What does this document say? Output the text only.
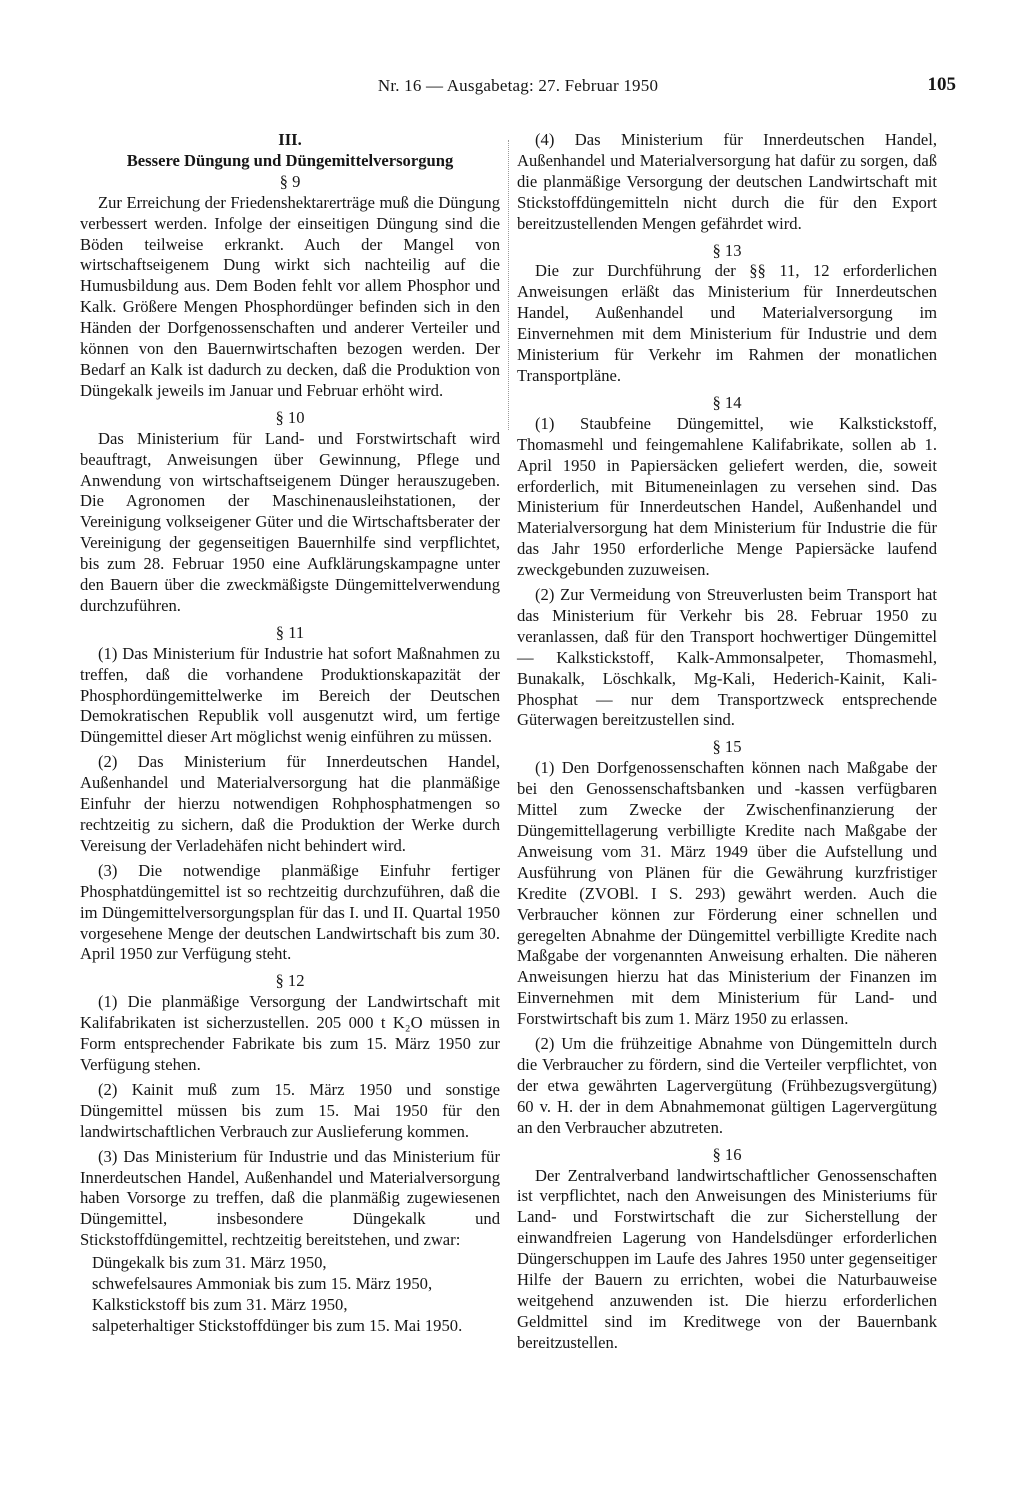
Nr. 16 — Ausgabetag: 27. Februar 1950	105
III.
Bessere Düngung und Düngemittelversorgung
§ 9

Zur Erreichung der Friedenshektarerträge muß die Düngung verbessert werden. Infolge der einseitigen Düngung sind die Böden teilweise erkrankt. Auch der Mangel von wirtschaftseigenem Dung wirkt sich nachteilig auf die Humusbildung aus. Dem Boden fehlt vor allem Phosphor und Kalk. Größere Mengen Phosphordünger befinden sich in den Händen der Dorfgenossenschaften und anderer Verteiler und können von den Bauernwirtschaften bezogen werden. Der Bedarf an Kalk ist dadurch zu decken, daß die Produktion von Düngekalk jeweils im Januar und Februar erhöht wird.

§ 10

Das Ministerium für Land- und Forstwirtschaft wird beauftragt, Anweisungen über Gewinnung, Pflege und Anwendung von wirtschaftseigenem Dünger herauszugeben. Die Agronomen der Maschinenausleihstationen, der Vereinigung volkseigener Güter und die Wirtschaftsberater der Vereinigung der gegenseitigen Bauernhilfe sind verpflichtet, bis zum 28. Februar 1950 eine Aufklärungskampagne unter den Bauern über die zweckmäßigste Düngemittelverwendung durchzuführen.

§ 11

(1) Das Ministerium für Industrie hat sofort Maßnahmen zu treffen, daß die vorhandene Produktionskapazität der Phosphordüngemittelwerke im Bereich der Deutschen Demokratischen Republik voll ausgenutzt wird, um fertige Düngemittel dieser Art möglichst wenig einführen zu müssen.

(2) Das Ministerium für Innerdeutschen Handel, Außenhandel und Materialversorgung hat die planmäßige Einfuhr der hierzu notwendigen Rohphosphatmengen so rechtzeitig zu sichern, daß die Produktion der Werke durch Vereisung der Verladehäfen nicht behindert wird.

(3) Die notwendige planmäßige Einfuhr fertiger Phosphatdüngemittel ist so rechtzeitig durchzuführen, daß die im Düngemittelversorgungsplan für das I. und II. Quartal 1950 vorgesehene Menge der deutschen Landwirtschaft bis zum 30. April 1950 zur Verfügung steht.

§ 12

(1) Die planmäßige Versorgung der Landwirtschaft mit Kalifabrikaten ist sicherzustellen. 205 000 t K₂O müssen in Form entsprechender Fabrikate bis zum 15. März 1950 zur Verfügung stehen.

(2) Kainit muß zum 15. März 1950 und sonstige Düngemittel müssen bis zum 15. Mai 1950 für den landwirtschaftlichen Verbrauch zur Auslieferung kommen.

(3) Das Ministerium für Industrie und das Ministerium für Innerdeutschen Handel, Außenhandel und Materialversorgung haben Vorsorge zu treffen, daß die planmäßig zugewiesenen Düngemittel, insbesondere Düngekalk und Stickstoffdüngemittel, rechtzeitig bereitstehen, und zwar:

Düngekalk bis zum 31. März 1950,

schwefelsaures Ammoniak bis zum 15. März 1950,

Kalkstickstoff bis zum 31. März 1950,

salpeterhaltiger Stickstoffdünger bis zum 15. Mai 1950.

(4) Das Ministerium für Innerdeutschen Handel, Außenhandel und Materialversorgung hat dafür zu sorgen, daß die planmäßige Versorgung der deutschen Landwirtschaft mit Stickstoffdüngemitteln nicht durch die für den Export bereitzustellenden Mengen gefährdet wird.

§ 13

Die zur Durchführung der §§ 11, 12 erforderlichen Anweisungen erläßt das Ministerium für Innerdeutschen Handel, Außenhandel und Materialversorgung im Einvernehmen mit dem Ministerium für Industrie und dem Ministerium für Verkehr im Rahmen der monatlichen Transportpläne.

§ 14

(1) Staubfeine Düngemittel, wie Kalkstickstoff, Thomasmehl und feingemahlene Kalifabrikate, sollen ab 1. April 1950 in Papiersäcken geliefert werden, die, soweit erforderlich, mit Bitumeneinlagen zu versehen sind. Das Ministerium für Innerdeutschen Handel, Außenhandel und Materialversorgung hat dem Ministerium für Industrie die für das Jahr 1950 erforderliche Menge Papiersäcke laufend zweckgebunden zuzuweisen.

(2) Zur Vermeidung von Streuverlusten beim Transport hat das Ministerium für Verkehr bis 28. Februar 1950 zu veranlassen, daß für den Transport hochwertiger Düngemittel — Kalkstickstoff, Kalk-Ammonsalpeter, Thomasmehl, Bunakalk, Löschkalk, Mg-Kali, Hederich-Kainit, Kali-Phosphat — nur dem Transportzweck entsprechende Güterwagen bereitzustellen sind.

§ 15

(1) Den Dorfgenossenschaften können nach Maßgabe der bei den Genossenschaftsbanken und -kassen verfügbaren Mittel zum Zwecke der Zwischenfinanzierung der Düngemittellagerung verbilligte Kredite nach Maßgabe der Anweisung vom 31. März 1949 über die Aufstellung und Ausführung von Plänen für die Gewährung kurzfristiger Kredite (ZVOBl. I S. 293) gewährt werden. Auch die Verbraucher können zur Förderung einer schnellen und geregelten Abnahme der Düngemittel verbilligte Kredite nach Maßgabe der vorgenannten Anweisung erhalten. Die näheren Anweisungen hierzu hat das Ministerium der Finanzen im Einvernehmen mit dem Ministerium für Land- und Forstwirtschaft bis zum 1. März 1950 zu erlassen.

(2) Um die frühzeitige Abnahme von Düngemitteln durch die Verbraucher zu fördern, sind die Verteiler verpflichtet, von der etwa gewährten Lagervergütung (Frühbezugsvergütung) 60 v. H. der in dem Abnahmemonat gültigen Lagervergütung an den Verbraucher abzutreten.

§ 16

Der Zentralverband landwirtschaftlicher Genossenschaften ist verpflichtet, nach den Anweisungen des Ministeriums für Land- und Forstwirtschaft die zur Sicherstellung der einwandfreien Lagerung von Handelsdünger erforderlichen Düngerschuppen im Laufe des Jahres 1950 unter gegenseitiger Hilfe der Bauern zu errichten, wobei die Naturbauweise weitgehend anzuwenden ist. Die hierzu erforderlichen Geldmittel sind im Kreditwege von der Bauernbank bereitzustellen.
